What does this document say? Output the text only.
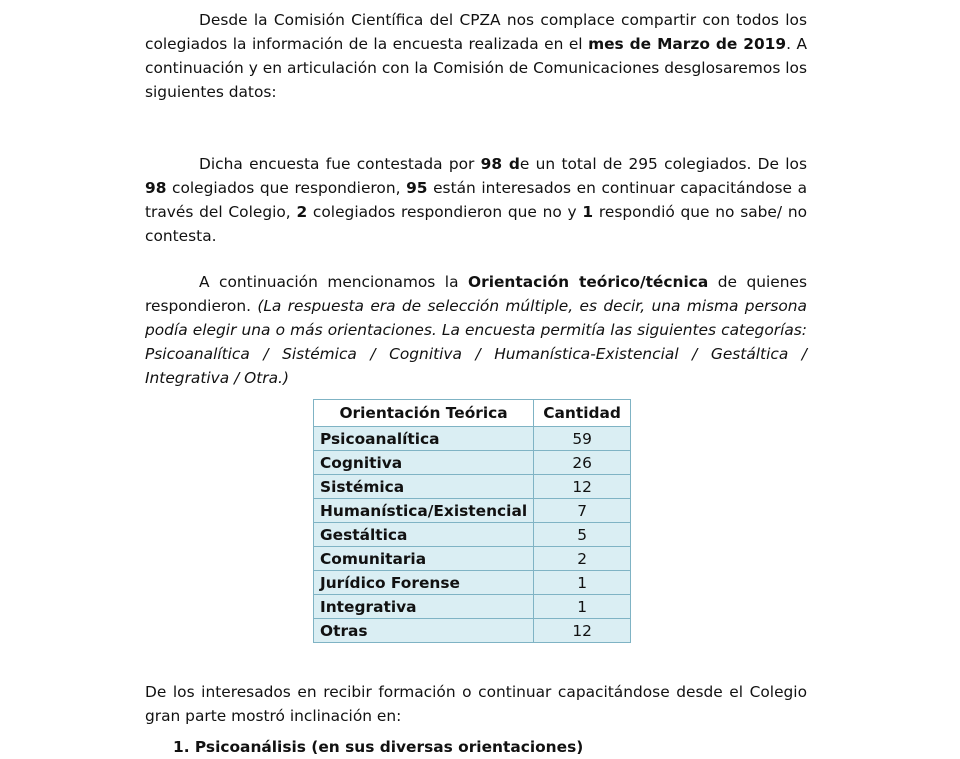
Desde la Comisión Científica del CPZA nos complace compartir con todos los colegiados la información de la encuesta realizada en el mes de Marzo de 2019. A continuación y en articulación con la Comisión de Comunicaciones desglosaremos los siguientes datos:

Dicha encuesta fue contestada por 98 de un total de 295 colegiados. De los 98 colegiados que respondieron, 95 están interesados en continuar capacitándose a través del Colegio, 2 colegiados respondieron que no y 1 respondió que no sabe/ no contesta.

A continuación mencionamos la Orientación teórico/técnica de quienes respondieron. (La respuesta era de selección múltiple, es decir, una misma persona podía elegir una o más orientaciones. La encuesta permitía las siguientes categorías: Psicoanalítica / Sistémica / Cognitiva / Humanística-Existencial / Gestáltica / Integrativa / Otra.)

Orientación Teórica	Cantidad
Psicoanalítica	59
Cognitiva	26
Sistémica	12
Humanística/Existencial	7
Gestáltica	5
Comunitaria	2
Jurídico Forense	1
Integrativa	1
Otras	12

De los interesados en recibir formación o continuar capacitándose desde el Colegio gran parte mostró inclinación en:

1. Psicoanálisis (en sus diversas orientaciones)
